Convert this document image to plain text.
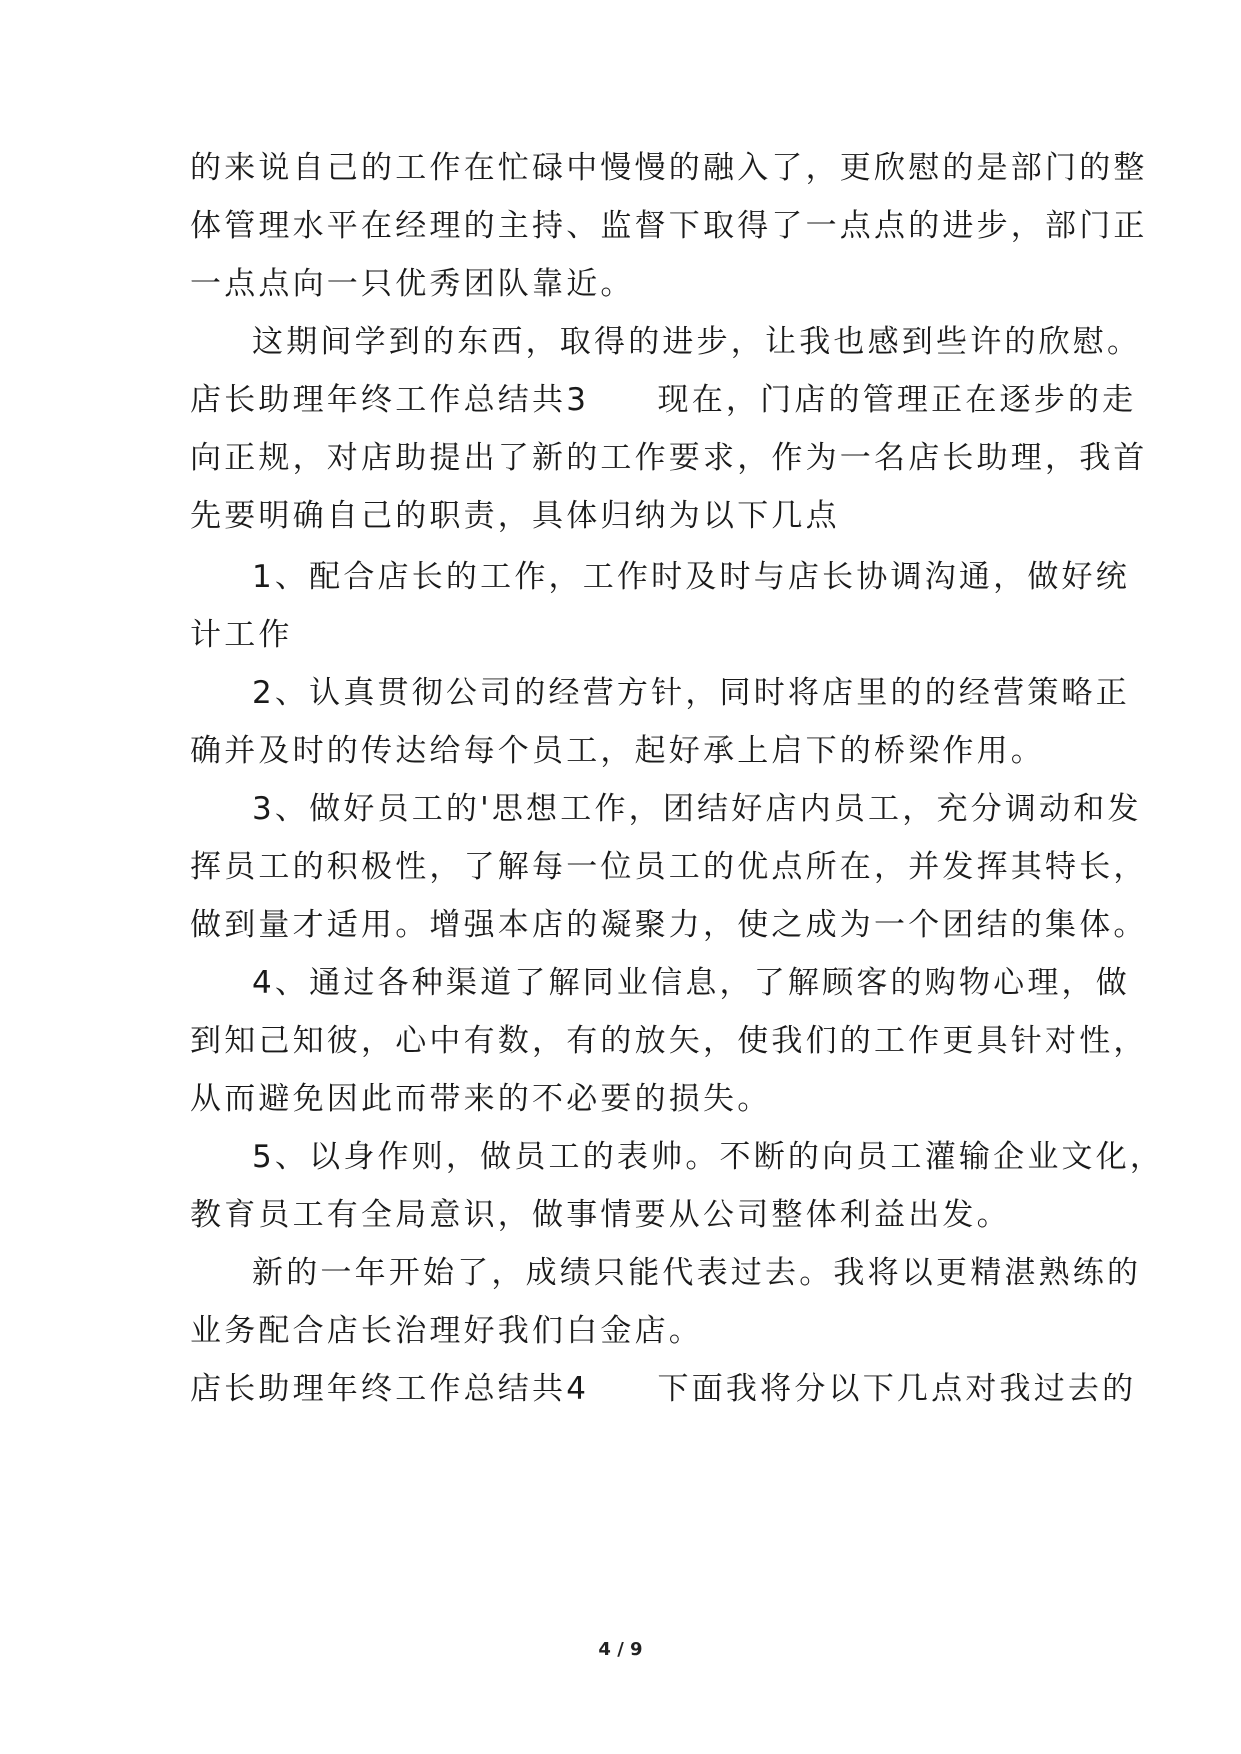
的来说自己的工作在忙碌中慢慢的融入了，更欣慰的是部门的整
体管理水平在经理的主持、监督下取得了一点点的进步，部门正
一点点向一只优秀团队靠近。
这期间学到的东西，取得的进步，让我也感到些许的欣慰。
店长助理年终工作总结共3　　现在，门店的管理正在逐步的走
向正规，对店助提出了新的工作要求，作为一名店长助理，我首
先要明确自己的职责，具体归纳为以下几点
1、配合店长的工作，工作时及时与店长协调沟通，做好统
计工作
2、认真贯彻公司的经营方针，同时将店里的的经营策略正
确并及时的传达给每个员工，起好承上启下的桥梁作用。
3、做好员工的'思想工作，团结好店内员工，充分调动和发
挥员工的积极性，了解每一位员工的优点所在，并发挥其特长，
做到量才适用。增强本店的凝聚力，使之成为一个团结的集体。
4、通过各种渠道了解同业信息，了解顾客的购物心理，做
到知己知彼，心中有数，有的放矢，使我们的工作更具针对性，
从而避免因此而带来的不必要的损失。
5、以身作则，做员工的表帅。不断的向员工灌输企业文化，
教育员工有全局意识，做事情要从公司整体利益出发。
新的一年开始了，成绩只能代表过去。我将以更精湛熟练的
业务配合店长治理好我们白金店。
店长助理年终工作总结共4　　下面我将分以下几点对我过去的
4 / 9
